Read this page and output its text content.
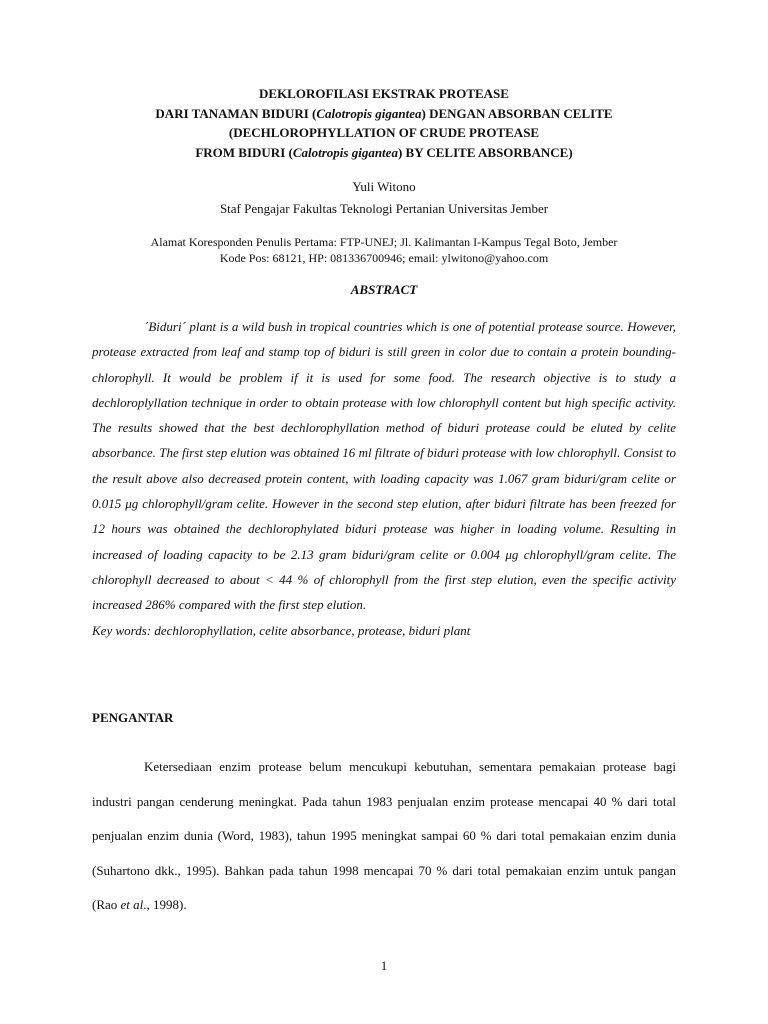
DEKLOROFILASI EKSTRAK PROTEASE
DARI TANAMAN BIDURI (Calotropis gigantea) DENGAN ABSORBAN CELITE
(DECHLOROPHYLLATION OF CRUDE PROTEASE
FROM BIDURI (Calotropis gigantea) BY CELITE ABSORBANCE)
Yuli Witono
Staf Pengajar Fakultas Teknologi Pertanian Universitas Jember
Alamat Koresponden Penulis Pertama: FTP-UNEJ; Jl. Kalimantan I-Kampus Tegal Boto, Jember
Kode Pos: 68121, HP: 081336700946; email: ylwitono@yahoo.com
ABSTRACT

´Biduri´ plant is a wild bush in tropical countries which is one of potential protease source. However, protease extracted from leaf and stamp top of biduri is still green in color due to contain a protein bounding-chlorophyll. It would be problem if it is used for some food. The research objective is to study a dechloroplyllation technique in order to obtain protease with low chlorophyll content but high specific activity. The results showed that the best dechlorophyllation method of biduri protease could be eluted by celite absorbance. The first step elution was obtained 16 ml filtrate of biduri protease with low chlorophyll. Consist to the result above also decreased protein content, with loading capacity was 1.067 gram biduri/gram celite or 0.015 μg chlorophyll/gram celite. However in the second step elution, after biduri filtrate has been freezed for 12 hours was obtained the dechlorophylated biduri protease was higher in loading volume. Resulting in increased of loading capacity to be 2.13 gram biduri/gram celite or 0.004 μg chlorophyll/gram celite. The chlorophyll decreased to about < 44 % of chlorophyll from the first step elution, even the specific activity increased 286% compared with the first step elution.

Key words: dechlorophyllation, celite absorbance, protease, biduri plant

PENGANTAR

Ketersediaan enzim protease belum mencukupi kebutuhan, sementara pemakaian protease bagi industri pangan cenderung meningkat. Pada tahun 1983 penjualan enzim protease mencapai 40 % dari total penjualan enzim dunia (Word, 1983), tahun 1995 meningkat sampai 60 % dari total pemakaian enzim dunia (Suhartono dkk., 1995). Bahkan pada tahun 1998 mencapai 70 % dari total pemakaian enzim untuk pangan (Rao et al., 1998).

1
